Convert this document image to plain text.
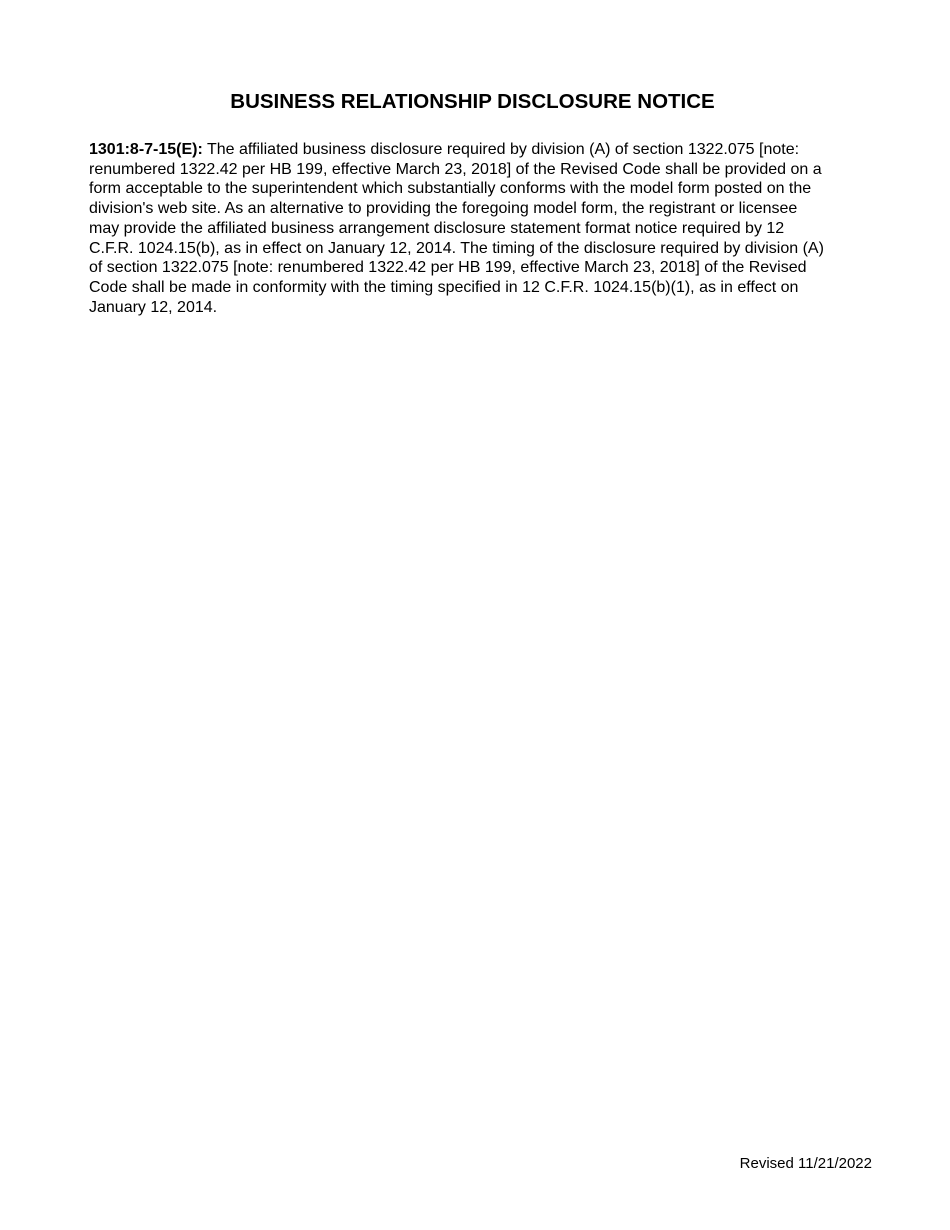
BUSINESS RELATIONSHIP DISCLOSURE NOTICE

1301:8-7-15(E): The affiliated business disclosure required by division (A) of section 1322.075 [note: renumbered 1322.42 per HB 199, effective March 23, 2018] of the Revised Code shall be provided on a form acceptable to the superintendent which substantially conforms with the model form posted on the division's web site. As an alternative to providing the foregoing model form, the registrant or licensee may provide the affiliated business arrangement disclosure statement format notice required by 12 C.F.R. 1024.15(b), as in effect on January 12, 2014. The timing of the disclosure required by division (A) of section 1322.075 [note: renumbered 1322.42 per HB 199, effective March 23, 2018] of the Revised Code shall be made in conformity with the timing specified in 12 C.F.R. 1024.15(b)(1), as in effect on January 12, 2014.

Revised 11/21/2022
